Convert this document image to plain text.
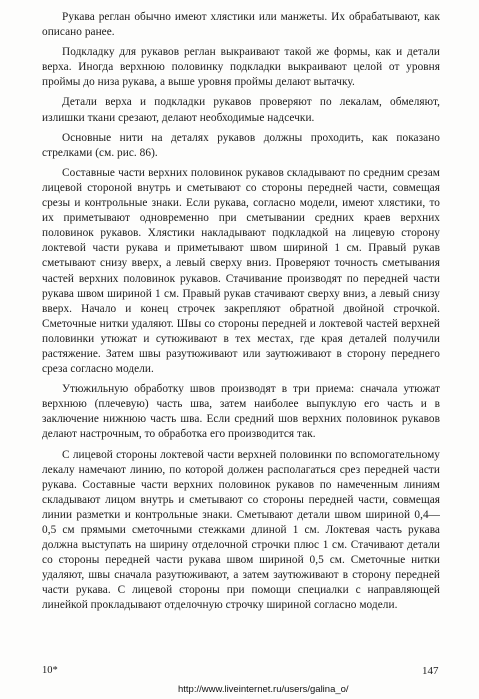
Рукава реглан обычно имеют хлястики или манжеты. Их обрабатывают, как описано ранее.

Подкладку для рукавов реглан выкраивают такой же формы, как и детали верха. Иногда верхнюю половинку подкладки выкраивают целой от уровня проймы до низа рукава, а выше уровня проймы делают вытачку.

Детали верха и подкладки рукавов проверяют по лекалам, обмеляют, излишки ткани срезают, делают необходимые надсечки.

Основные нити на деталях рукавов должны проходить, как показано стрелками (см. рис. 86).

Составные части верхних половинок рукавов складывают по средним срезам лицевой стороной внутрь и сметывают со стороны передней части, совмещая срезы и контрольные знаки. Если рукава, согласно модели, имеют хлястики, то их приметывают одновременно при сметывании средних краев верхних половинок рукавов. Хлястики накладывают подкладкой на лицевую сторону локтевой части рукава и приметывают швом шириной 1 см. Правый рукав сметывают снизу вверх, а левый сверху вниз. Проверяют точность сметывания частей верхних половинок рукавов. Стачивание производят по передней части рукава швом шириной 1 см. Правый рукав стачивают сверху вниз, а левый снизу вверх. Начало и конец строчек закрепляют обратной двойной строчкой. Сметочные нитки удаляют. Швы со стороны передней и локтевой частей верхней половинки утюжат и сутюживают в тех местах, где края деталей получили растяжение. Затем швы разутюживают или заутюживают в сторону переднего среза согласно модели.

Утюжильную обработку швов производят в три приема: сначала утюжат верхнюю (плечевую) часть шва, затем наиболее выпуклую его часть и в заключение нижнюю часть шва. Если средний шов верхних половинок рукавов делают настрочным, то обработка его производится так.

С лицевой стороны локтевой части верхней половинки по вспомогательному лекалу намечают линию, по которой должен располагаться срез передней части рукава. Составные части верхних половинок рукавов по намеченным линиям складывают лицом внутрь и сметывают со стороны передней части, совмещая линии разметки и контрольные знаки. Сметывают детали швом шириной 0,4—0,5 см прямыми сметочными стежками длиной 1 см. Локтевая часть рукава должна выступать на ширину отделочной строчки плюс 1 см. Стачивают детали со стороны передней части рукава швом шириной 0,5 см. Сметочные нитки удаляют, швы сначала разутюживают, а затем заутюживают в сторону передней части рукава. С лицевой стороны при помощи специалки с направляющей линейкой прокладывают отделочную строчку шириной согласно модели.

10*	147
http://www.liveinternet.ru/users/galina_o/
